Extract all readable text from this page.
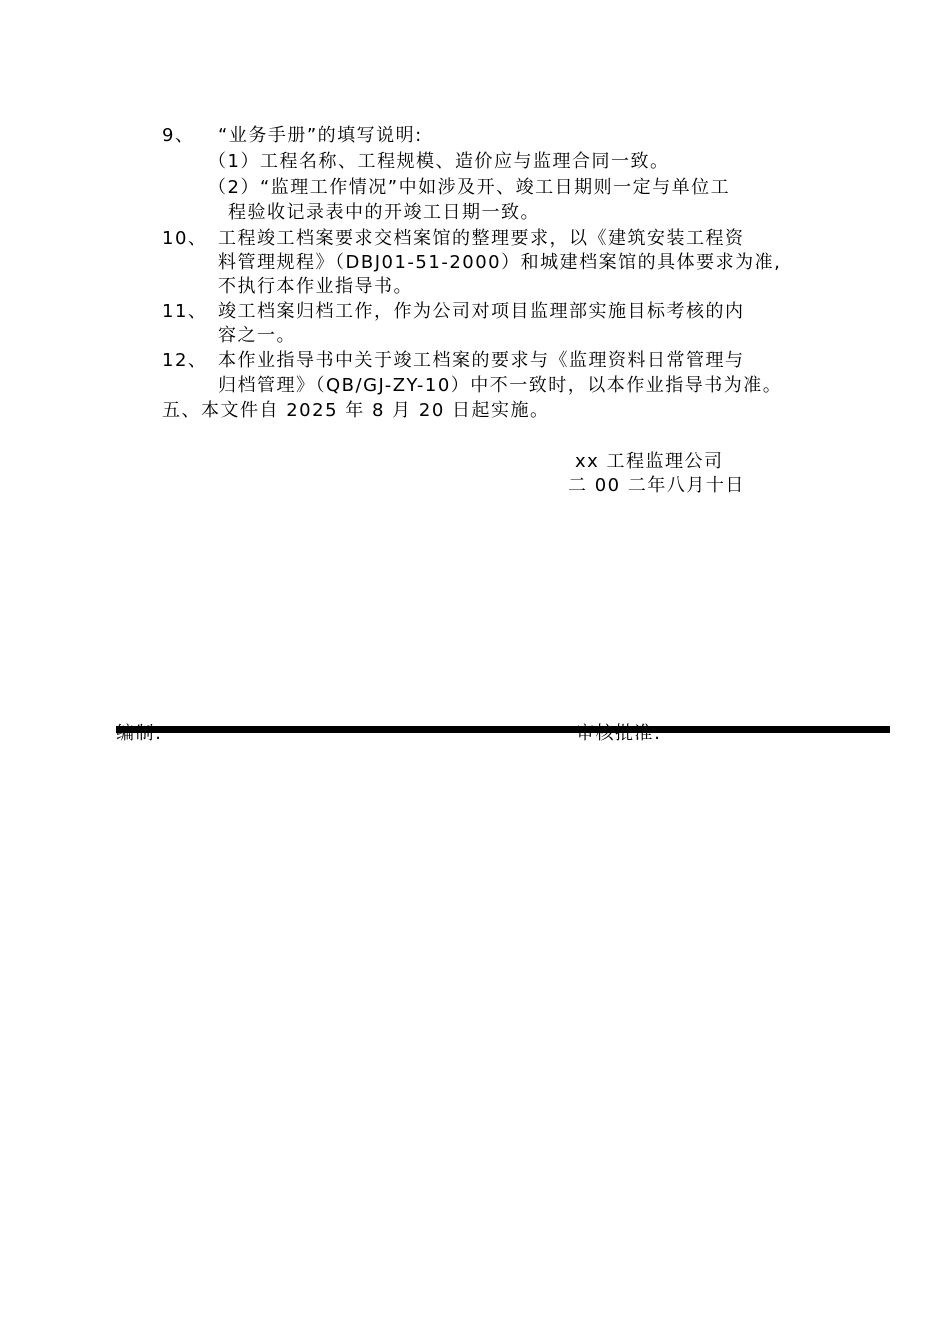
9、 “业务手册”的填写说明:
（1）工程名称、工程规模、造价应与监理合同一致。
（2）“监理工作情况”中如涉及开、竣工日期则一定与单位工
程验收记录表中的开竣工日期一致。
10、 工程竣工档案要求交档案馆的整理要求，以《建筑安装工程资
料管理规程》（DBJ01-51-2000）和城建档案馆的具体要求为准,
不执行本作业指导书。
11、 竣工档案归档工作，作为公司对项目监理部实施目标考核的内
容之一。
12、 本作业指导书中关于竣工档案的要求与《监理资料日常管理与
归档管理》（QB/GJ-ZY-10）中不一致时，以本作业指导书为准。
五、本文件自 2025 年 8 月 20 日起实施。
xx 工程监理公司
二 00 二年八月十日
编制:	审核批准:
